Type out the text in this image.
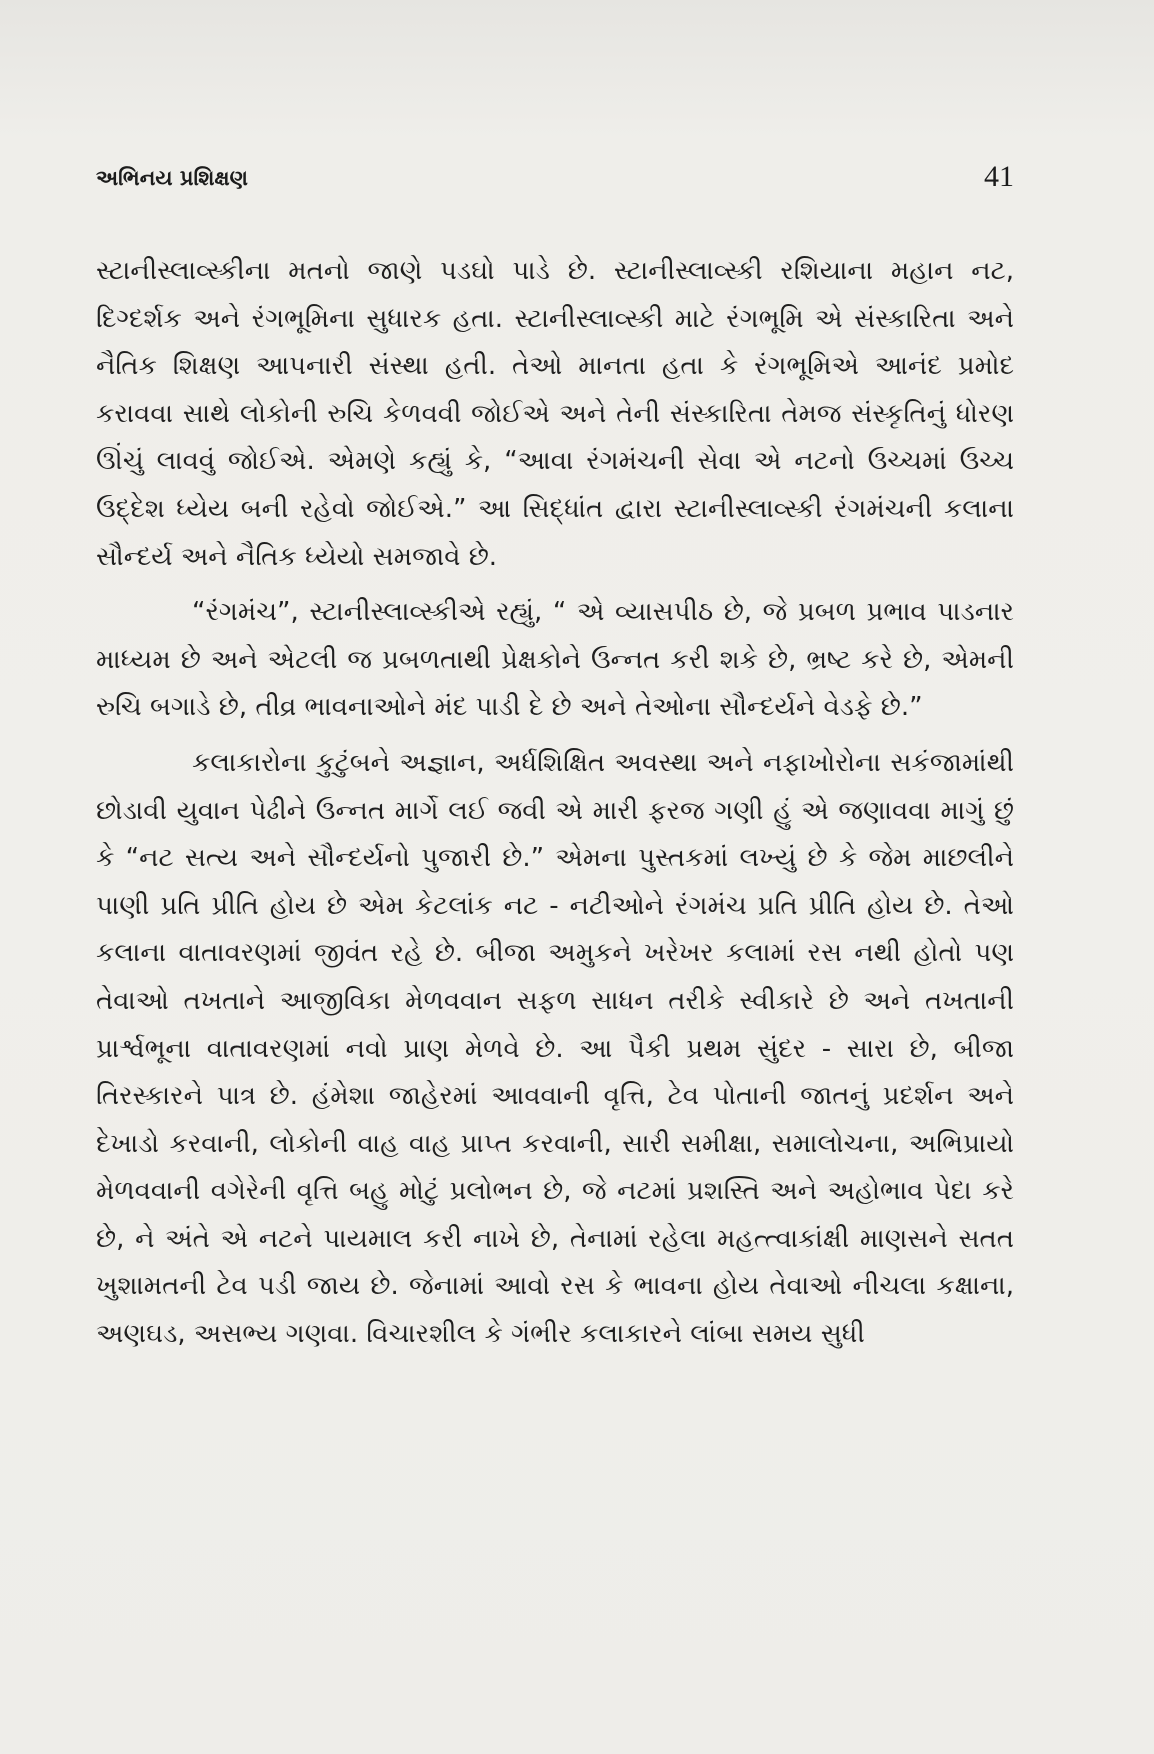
અભિનય પ્રશિક્ષણ	41

સ્ટાનીસ્લાવ્સ્કીના મતનો જાણે પડઘો પાડે છે. સ્ટાનીસ્લાવ્સ્કી રશિયાના મહાન નટ, દિગ્દર્શક અને રંગભૂમિના સુધારક હતા. સ્ટાનીસ્લાવ્સ્કી માટે રંગભૂમિ એ સંસ્કારિતા અને નૈતિક શિક્ષણ આપનારી સંસ્થા હતી. તેઓ માનતા હતા કે રંગભૂમિએ આનંદ પ્રમોદ કરાવવા સાથે લોકોની રુચિ કેળવવી જોઈએ અને તેની સંસ્કારિતા તેમજ સંસ્કૃતિનું ધોરણ ઊંચું લાવવું જોઈએ. એમણે કહ્યું કે, “આવા રંગમંચની સેવા એ નટનો ઉચ્ચમાં ઉચ્ચ ઉદ્દેશ ધ્યેય બની રહેવો જોઈએ.” આ સિદ્ધાંત દ્વારા સ્ટાનીસ્લાવ્સ્કી રંગમંચની કલાના સૌન્દર્ય અને નૈતિક ધ્યેયો સમજાવે છે.

“રંગમંચ”, સ્ટાનીસ્લાવ્સ્કીએ રહ્યું, “ એ વ્યાસપીઠ છે, જે પ્રબળ પ્રભાવ પાડનાર માધ્યમ છે અને એટલી જ પ્રબળતાથી પ્રેક્ષકોને ઉન્નત કરી શકે છે, ભ્રષ્ટ કરે છે, એમની રુચિ બગાડે છે, તીવ્ર ભાવનાઓને મંદ પાડી દે છે અને તેઓના સૌન્દર્યને વેડફે છે.”

કલાકારોના કુટુંબને અજ્ઞાન, અર્ધશિક્ષિત અવસ્થા અને નફાખોરોના સકંજામાંથી છોડાવી યુવાન પેઢીને ઉન્નત માર્ગે લઈ જવી એ મારી ફરજ ગણી હું એ જણાવવા માગું છું કે “નટ સત્ય અને સૌન્દર્યનો પુજારી છે.” એમના પુસ્તકમાં લખ્યું છે કે જેમ માછલીને પાણી પ્રતિ પ્રીતિ હોય છે એમ કેટલાંક નટ - નટીઓને રંગમંચ પ્રતિ પ્રીતિ હોય છે. તેઓ કલાના વાતાવરણમાં જીવંત રહે છે. બીજા અમુકને ખરેખર કલામાં રસ નથી હોતો પણ તેવાઓ તખતાને આજીવિકા મેળવવાન સફળ સાધન તરીકે સ્વીકારે છે અને તખતાની પ્રાર્શ્વભૂના વાતાવરણમાં નવો પ્રાણ મેળવે છે. આ પૈકી પ્રથમ સુંદર - સારા છે, બીજા તિરસ્કારને પાત્ર છે. હંમેશા જાહેરમાં આવવાની વૃત્તિ, ટેવ પોતાની જાતનું પ્રદર્શન અને દેખાડો કરવાની, લોકોની વાહ વાહ પ્રાપ્ત કરવાની, સારી સમીક્ષા, સમાલોચના, અભિપ્રાયો મેળવવાની વગેરેની વૃત્તિ બહુ મોટું પ્રલોભન છે, જે નટમાં પ્રશસ્તિ અને અહોભાવ પેદા કરે છે, ને અંતે એ નટને પાયમાલ કરી નાખે છે, તેનામાં રહેલા મહત્ત્વાકાંક્ષી માણસને સતત ખુશામતની ટેવ પડી જાય છે. જેનામાં આવો રસ કે ભાવના હોય તેવાઓ નીચલા કક્ષાના, અણઘડ, અસભ્ય ગણવા. વિચારશીલ કે ગંભીર કલાકારને લાંબા સમય સુધી
